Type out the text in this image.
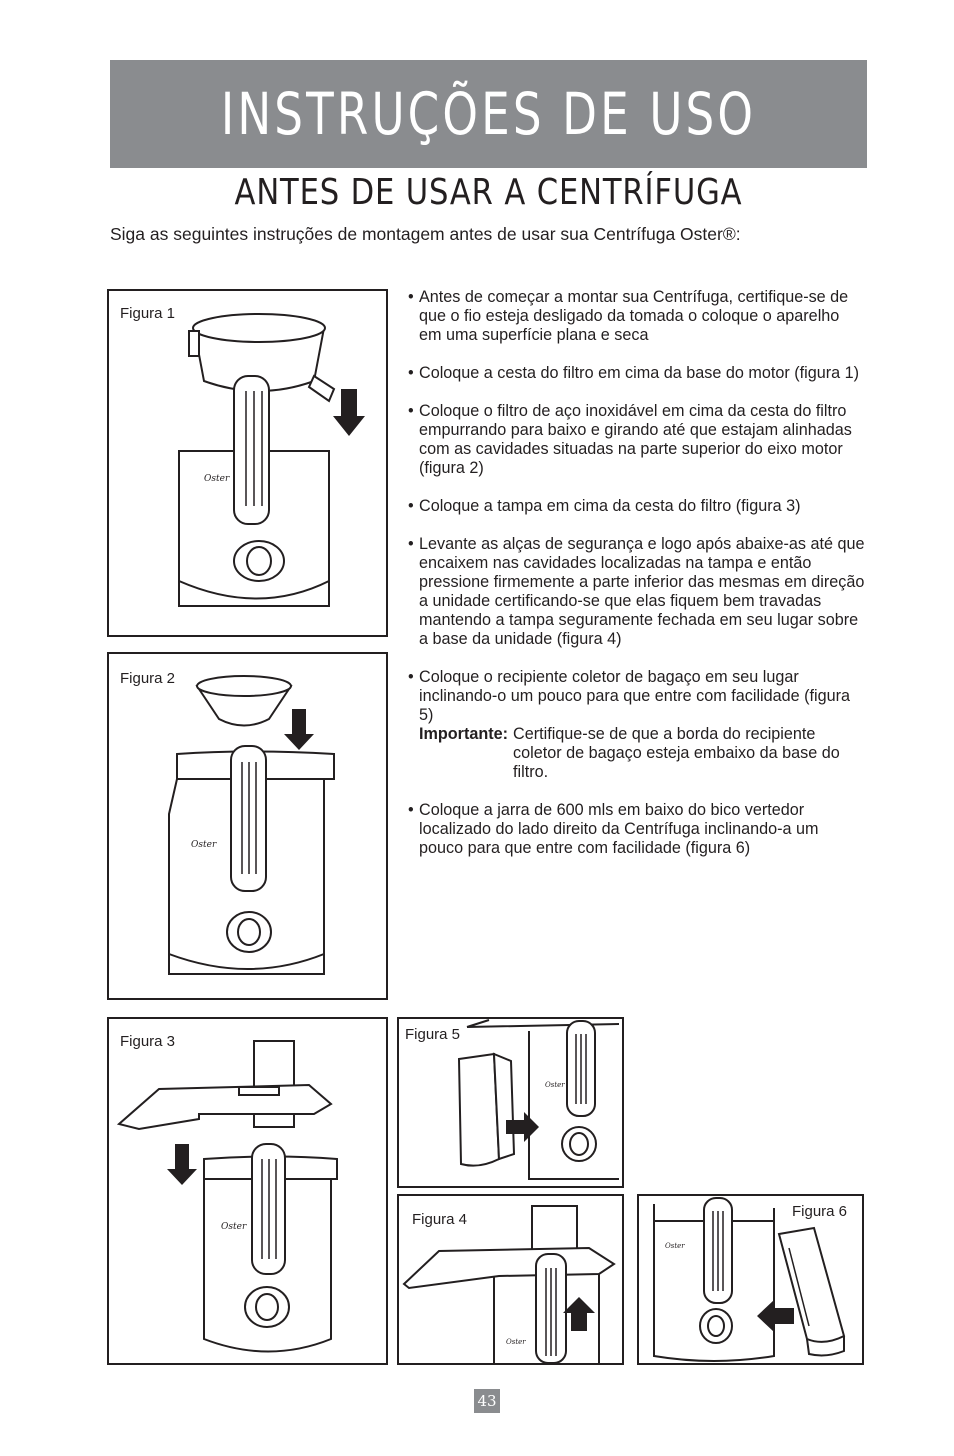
INSTRUÇÕES DE USO
ANTES DE USAR A CENTRÍFUGA
Siga as seguintes instruções de montagem antes de usar sua Centrífuga Oster®:
Oster
Figura 1
Oster
Figura 2
• Antes de começar a montar sua Centrífuga, certifique-se de que o fio esteja desligado da tomada o coloque o aparelho em uma superfície plana e seca
• Coloque a cesta do filtro em cima da base do motor (figura 1)
• Coloque o filtro de aço inoxidável em cima da cesta do filtro empurrando para baixo e girando até que estajam alinhadas com as cavidades situadas na parte superior do eixo motor (figura 2)
• Coloque a tampa em cima da cesta do filtro (figura 3)
• Levante as alças de segurança e logo após abaixe-as até que encaixem nas cavidades localizadas na tampa e então pressione firmemente a parte inferior das mesmas em direção a unidade certificando-se que elas fiquem bem travadas mantendo a tampa seguramente fechada em seu lugar sobre a base da unidade (figura 4)
• Coloque o recipiente coletor de bagaço em seu lugar inclinando-o um pouco para que entre com facilidade (figura 5)
Importante: Certifique-se de que a borda do recipiente coletor de bagaço esteja embaixo da base do filtro.
• Coloque a jarra de 600 mls em baixo do bico vertedor localizado do lado direito da Centrífuga inclinando-a um pouco para que entre com facilidade (figura 6)
Oster
Figura 3
Oster
Figura 5
Oster
Figura 4
Oster
Figura 6
43
